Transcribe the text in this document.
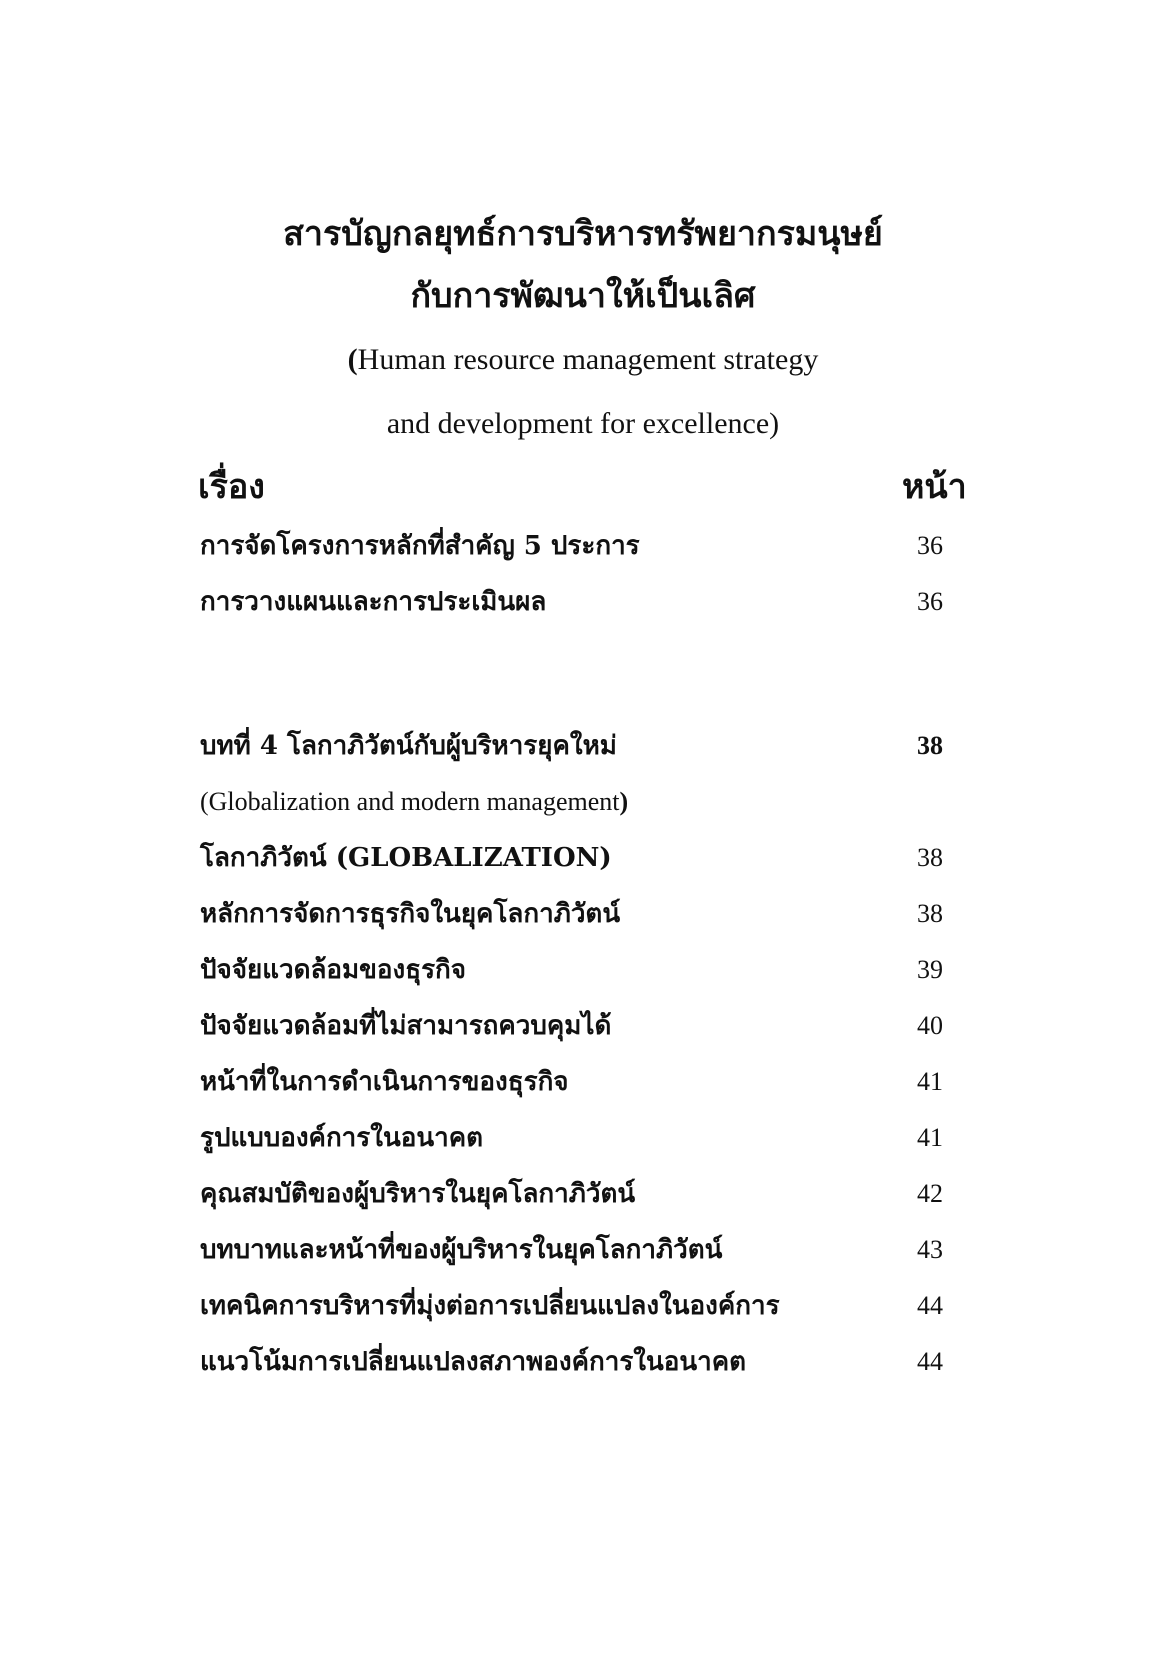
สารบัญกลยุทธ์การบริหารทรัพยากรมนุษย์
กับการพัฒนาให้เป็นเลิศ
(Human resource management strategy
and development for excellence)
เรื่อง	หน้า
การจัดโครงการหลักที่สำคัญ 5 ประการ	36
การวางแผนและการประเมินผล	36
บทที่ 4 โลกาภิวัตน์กับผู้บริหารยุคใหม่	38
(Globalization and modern management)
โลกาภิวัตน์ (GLOBALIZATION)	38
หลักการจัดการธุรกิจในยุคโลกาภิวัตน์	38
ปัจจัยแวดล้อมของธุรกิจ	39
ปัจจัยแวดล้อมที่ไม่สามารถควบคุมได้	40
หน้าที่ในการดำเนินการของธุรกิจ	41
รูปแบบองค์การในอนาคต	41
คุณสมบัติของผู้บริหารในยุคโลกาภิวัตน์	42
บทบาทและหน้าที่ของผู้บริหารในยุคโลกาภิวัตน์	43
เทคนิคการบริหารที่มุ่งต่อการเปลี่ยนแปลงในองค์การ	44
แนวโน้มการเปลี่ยนแปลงสภาพองค์การในอนาคต	44
